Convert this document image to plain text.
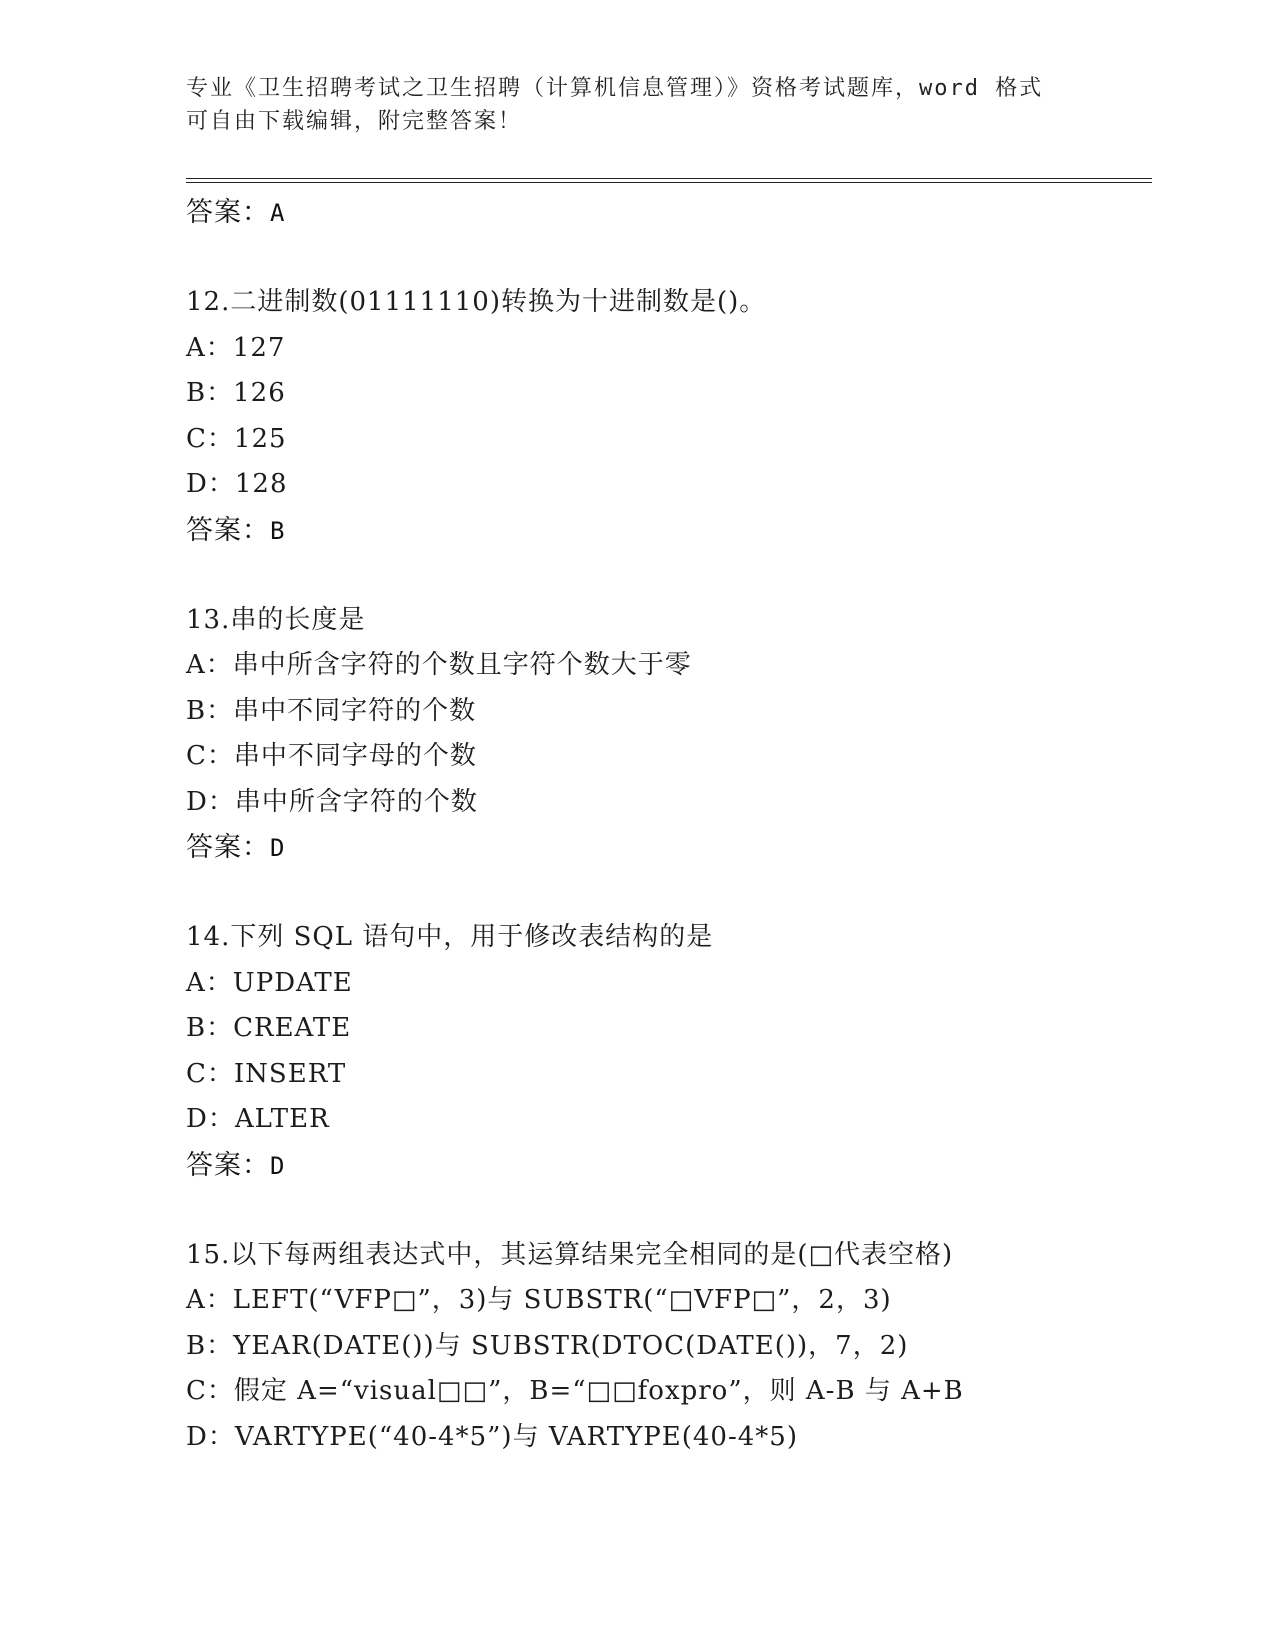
专业《卫生招聘考试之卫生招聘（计算机信息管理）》资格考试题库，word 格式
可自由下载编辑，附完整答案！
答案：A
12.二进制数(01111110)转换为十进制数是()。
A：127
B：126
C：125
D：128
答案：B
13.串的长度是
A：串中所含字符的个数且字符个数大于零
B：串中不同字符的个数
C：串中不同字母的个数
D：串中所含字符的个数
答案：D
14.下列 SQL 语句中，用于修改表结构的是
A：UPDATE
B：CREATE
C：INSERT
D：ALTER
答案：D
15.以下每两组表达式中，其运算结果完全相同的是(□代表空格)
A：LEFT(“VFP□”，3)与 SUBSTR(“□VFP□”，2，3)
B：YEAR(DATE())与 SUBSTR(DTOC(DATE())，7，2)
C：假定 A=“visual□□”，B=“□□foxpro”，则 A-B 与 A+B
D：VARTYPE(“40-4*5”)与 VARTYPE(40-4*5)
